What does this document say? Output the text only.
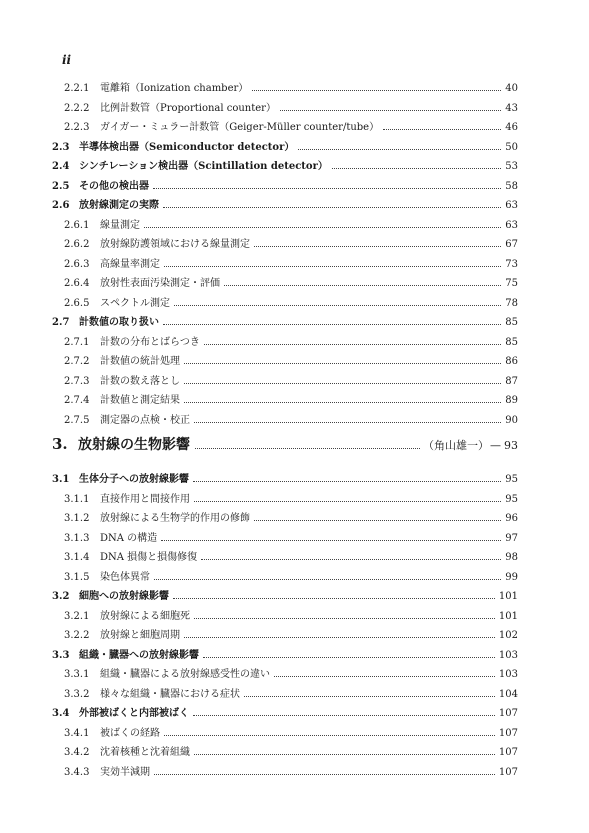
ii
2.2.1	電離箱（Ionization chamber）	40
2.2.2	比例計数管（Proportional counter）	43
2.2.3	ガイガー・ミュラー計数管（Geiger-Müller counter/tube）	46
2.3 半導体検出器（Semiconductor detector）	50
2.4 シンチレーション検出器（Scintillation detector）	53
2.5 その他の検出器	58
2.6 放射線測定の実際	63
2.6.1	線量測定	63
2.6.2	放射線防護領域における線量測定	67
2.6.3	高線量率測定	73
2.6.4	放射性表面汚染測定・評価	75
2.6.5	スペクトル測定	78
2.7 計数値の取り扱い	85
2.7.1	計数の分布とばらつき	85
2.7.2	計数値の統計処理	86
2.7.3	計数の数え落とし	87
2.7.4	計数値と測定結果	89
2.7.5	測定器の点検・校正	90
3. 放射線の生物影響	（角山雄一） — 93
3.1 生体分子への放射線影響	95
3.1.1	直接作用と間接作用	95
3.1.2	放射線による生物学的作用の修飾	96
3.1.3	DNA の構造	97
3.1.4	DNA 損傷と損傷修復	98
3.1.5	染色体異常	99
3.2 細胞への放射線影響	101
3.2.1	放射線による細胞死	101
3.2.2	放射線と細胞周期	102
3.3 組織・臓器への放射線影響	103
3.3.1	組織・臓器による放射線感受性の違い	103
3.3.2	様々な組織・臓器における症状	104
3.4 外部被ばくと内部被ばく	107
3.4.1	被ばくの経路	107
3.4.2	沈着核種と沈着組織	107
3.4.3	実効半減期	107
